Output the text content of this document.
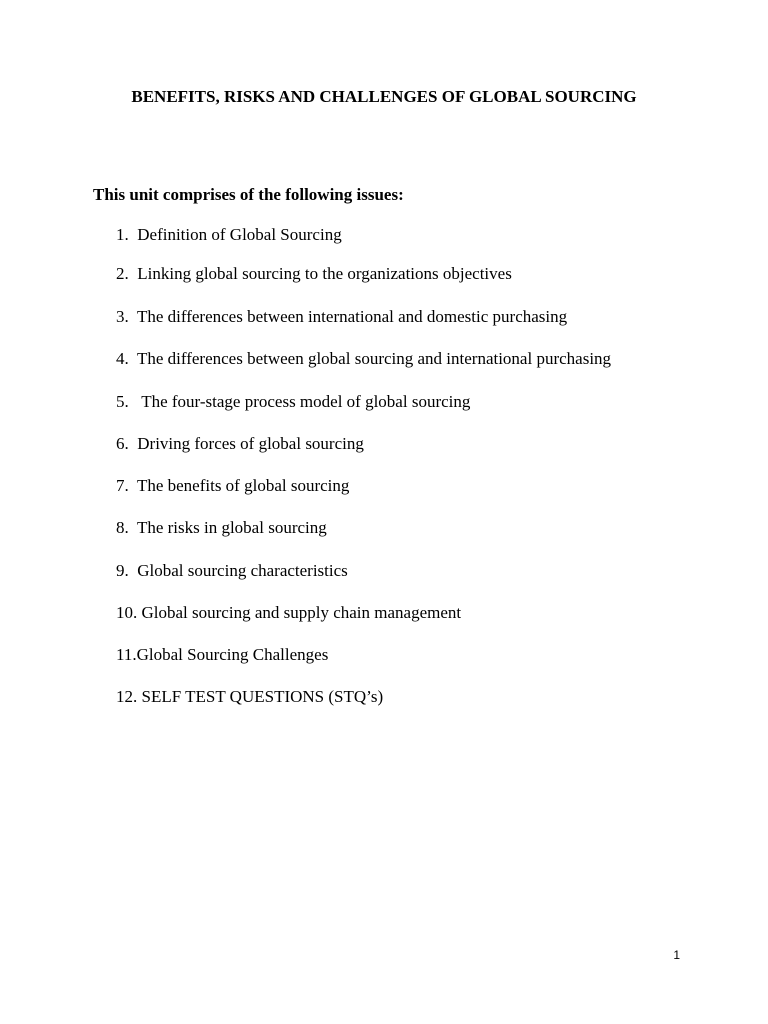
BENEFITS, RISKS AND CHALLENGES OF GLOBAL SOURCING
This unit comprises of the following issues:
1.  Definition of Global Sourcing
2.  Linking global sourcing to the organizations objectives
3.  The differences between international and domestic purchasing
4.  The differences between global sourcing and international purchasing
5.   The four-stage process model of global sourcing
6.  Driving forces of global sourcing
7.  The benefits of global sourcing
8.  The risks in global sourcing
9.  Global sourcing characteristics
10. Global sourcing and supply chain management
11.Global Sourcing Challenges
12. SELF TEST QUESTIONS (STQ’s)
1
